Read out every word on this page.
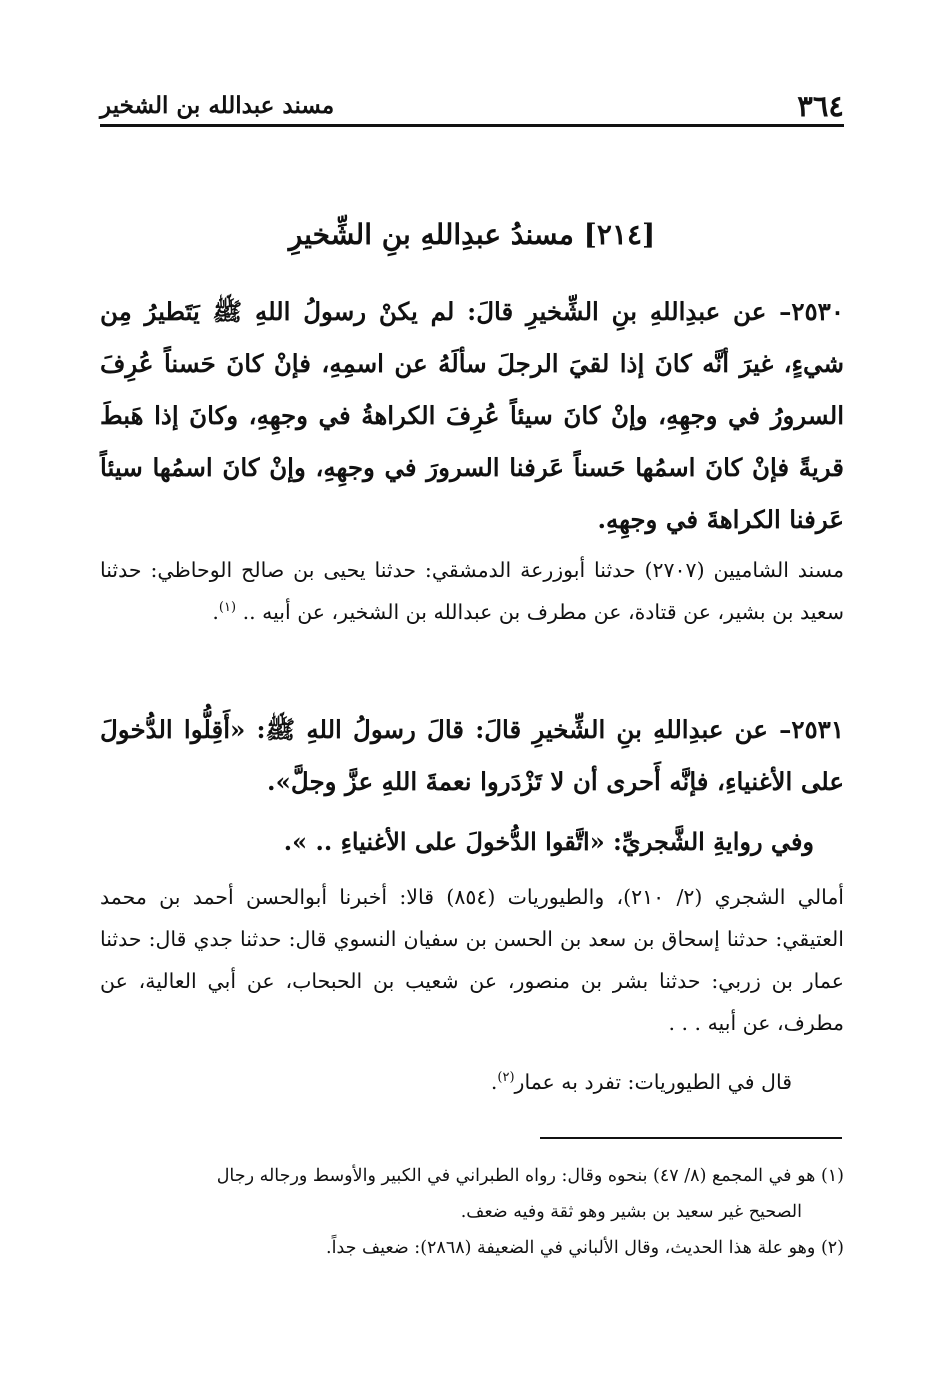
٣٦٤
مسند عبدالله بن الشخير
[٢١٤] مسندُ عبدِاللهِ بنِ الشِّخيرِ

٢٥٣٠– عن عبدِاللهِ بنِ الشِّخيرِ قالَ: لم يكنْ رسولُ اللهِ ﷺ يَتَطيرُ مِن شيءٍ، غيرَ أنَّه كانَ إذا لقيَ الرجلَ سألَهُ عن اسمِهِ، فإنْ كانَ حَسناً عُرِفَ السرورُ في وجهِهِ، وإنْ كانَ سيئاً عُرِفَ الكراهةُ في وجهِهِ، وكانَ إذا هَبطَ قريةً فإنْ كانَ اسمُها حَسناً عَرفنا السرورَ في وجهِهِ، وإنْ كانَ اسمُها سيئاً عَرفنا الكراهةَ في وجهِهِ.

مسند الشاميين (٢٧٠٧) حدثنا أبوزرعة الدمشقي: حدثنا يحيى بن صالح الوحاظي: حدثنا سعيد بن بشير، عن قتادة، عن مطرف بن عبدالله بن الشخير، عن أبيه .. $^{(١)}$.

٢٥٣١– عن عبدِاللهِ بنِ الشِّخيرِ قالَ: قالَ رسولُ اللهِ ﷺ: «أَقِلُّوا الدُّخولَ على الأغنياءِ، فإنَّه أَحرى أن لا تَزْدَروا نعمةَ اللهِ عزَّ وجلَّ».

وفي روايةِ الشَّجريِّ: «اتَّقوا الدُّخولَ على الأغنياءِ .. ».

أمالي الشجري (٢/ ٢١٠)، والطيوريات (٨٥٤) قالا: أخبرنا أبوالحسن أحمد بن محمد العتيقي: حدثنا إسحاق بن سعد بن الحسن بن سفيان النسوي قال: حدثنا جدي قال: حدثنا عمار بن زربي: حدثنا بشر بن منصور، عن شعيب بن الحبحاب، عن أبي العالية، عن مطرف، عن أبيه . . .

قال في الطيوريات: تفرد به عمار$^{(٢)}$.

(١) هو في المجمع (٨/ ٤٧) بنحوه وقال: رواه الطبراني في الكبير والأوسط ورجاله رجال

الصحيح غير سعيد بن بشير وهو ثقة وفيه ضعف.

(٢) وهو علة هذا الحديث، وقال الألباني في الضعيفة (٢٨٦٨): ضعيف جداً.
